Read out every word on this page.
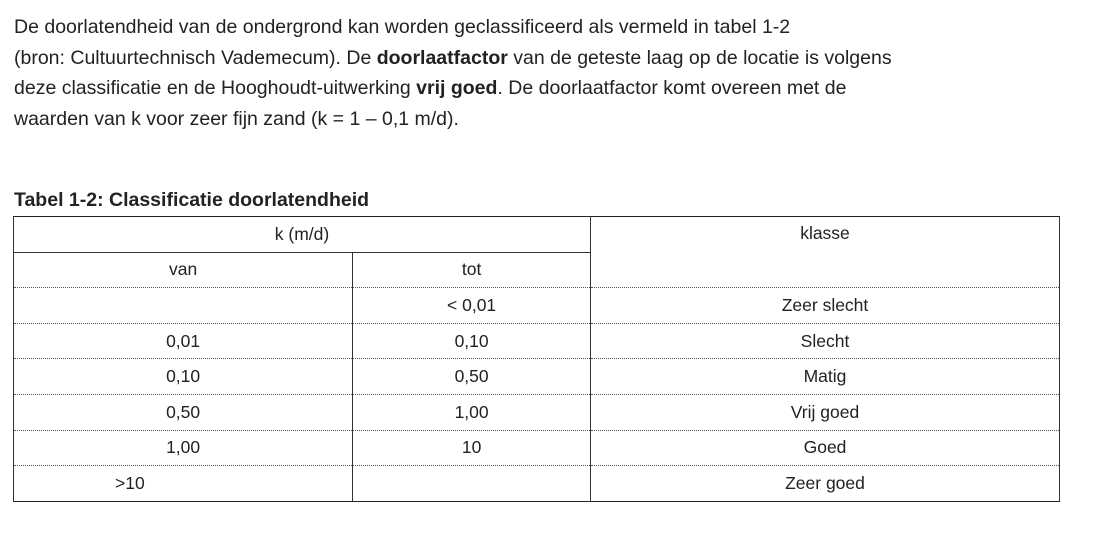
De doorlatendheid van de ondergrond kan worden geclassificeerd als vermeld in tabel 1-2
(bron: Cultuurtechnisch Vademecum). De doorlaatfactor van de geteste laag op de locatie is volgens
deze classificatie en de Hooghoudt-uitwerking vrij goed. De doorlaatfactor komt overeen met de
waarden van k voor zeer fijn zand (k = 1 – 0,1 m/d).

Tabel 1-2: Classificatie doorlatendheid

k (m/d)		klasse
van	tot	
	< 0,01	Zeer slecht
0,01	0,10	Slecht
0,10	0,50	Matig
0,50	1,00	Vrij goed
1,00	10	Goed
>10		Zeer goed
